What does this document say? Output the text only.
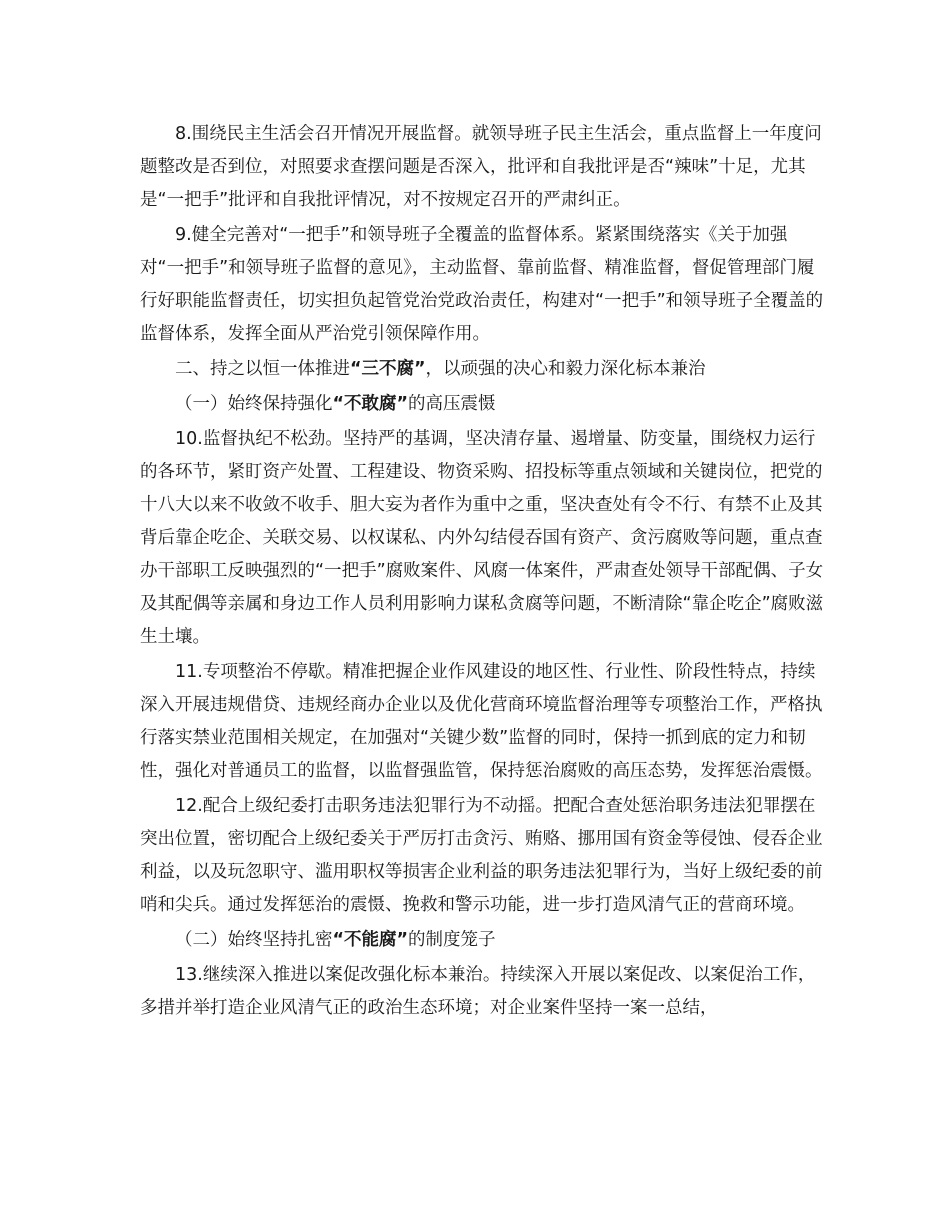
8.围绕民主生活会召开情况开展监督。就领导班子民主生活会，重点监督上一年度问题整改是否到位，对照要求查摆问题是否深入，批评和自我批评是否“辣味”十足，尤其是“一把手”批评和自我批评情况，对不按规定召开的严肃纠正。

9.健全完善对“一把手”和领导班子全覆盖的监督体系。紧紧围绕落实《关于加强对“一把手”和领导班子监督的意见》，主动监督、靠前监督、精准监督，督促管理部门履行好职能监督责任，切实担负起管党治党政治责任，构建对“一把手”和领导班子全覆盖的监督体系，发挥全面从严治党引领保障作用。

二、持之以恒一体推进“三不腐”，以顽强的决心和毅力深化标本兼治

（一）始终保持强化“不敢腐”的高压震慑

10.监督执纪不松劲。坚持严的基调，坚决清存量、遏增量、防变量，围绕权力运行的各环节，紧盯资产处置、工程建设、物资采购、招投标等重点领域和关键岗位，把党的十八大以来不收敛不收手、胆大妄为者作为重中之重，坚决查处有令不行、有禁不止及其背后靠企吃企、关联交易、以权谋私、内外勾结侵吞国有资产、贪污腐败等问题，重点查办干部职工反映强烈的“一把手”腐败案件、风腐一体案件，严肃查处领导干部配偶、子女及其配偶等亲属和身边工作人员利用影响力谋私贪腐等问题，不断清除“靠企吃企”腐败滋生土壤。

11.专项整治不停歇。精准把握企业作风建设的地区性、行业性、阶段性特点，持续深入开展违规借贷、违规经商办企业以及优化营商环境监督治理等专项整治工作，严格执行落实禁业范围相关规定，在加强对“关键少数”监督的同时，保持一抓到底的定力和韧性，强化对普通员工的监督，以监督强监管，保持惩治腐败的高压态势，发挥惩治震慑。

12.配合上级纪委打击职务违法犯罪行为不动摇。把配合查处惩治职务违法犯罪摆在突出位置，密切配合上级纪委关于严厉打击贪污、贿赂、挪用国有资金等侵蚀、侵吞企业利益，以及玩忽职守、滥用职权等损害企业利益的职务违法犯罪行为，当好上级纪委的前哨和尖兵。通过发挥惩治的震慑、挽救和警示功能，进一步打造风清气正的营商环境。

（二）始终坚持扎密“不能腐”的制度笼子

13.继续深入推进以案促改强化标本兼治。持续深入开展以案促改、以案促治工作，多措并举打造企业风清气正的政治生态环境；对企业案件坚持一案一总结，
